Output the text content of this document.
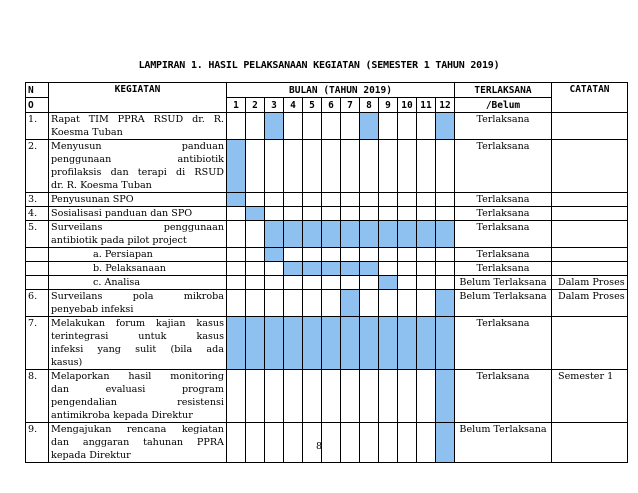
LAMPIRAN 1. HASIL PELAKSANAAN KEGIATAN (SEMESTER 1 TAHUN 2019)
N	KEGIATAN	BULAN (TAHUN 2019)												TERLAKSANA	CATATAN
O		1	2	3	4	5	6	7	8	9	10	11	12	/Belum	
1.	Rapat TIM PPRA RSUD dr. R.
Koesma Tuban													Terlaksana	
2.	Menyusun panduan
penggunaan antibiotik
profilaksis dan terapi di RSUD
dr. R. Koesma Tuban													Terlaksana	
3.	Penyusunan SPO													Terlaksana	
4.	Sosialisasi panduan dan SPO													Terlaksana	
5.	Surveilans penggunaan
antibiotik pada pilot project													Terlaksana	

	a. Persiapan													Terlaksana	

	b. Pelaksanaan													Terlaksana	

	c. Analisa													Belum Terlaksana	Dalam Proses
6.	Surveilans pola mikroba
penyebab infeksi													Belum Terlaksana	Dalam Proses
7.	Melakukan forum kajian kasus
terintegrasi untuk kasus
infeksi yang sulit (bila ada
kasus)													Terlaksana	
8.	Melaporkan hasil monitoring
dan evaluasi program
pengendalian resistensi
antimikroba kepada Direktur													Terlaksana	Semester 1
9.	Mengajukan rencana kegiatan
dan anggaran tahunan PPRA
kepada Direktur													Belum Terlaksana	
8
